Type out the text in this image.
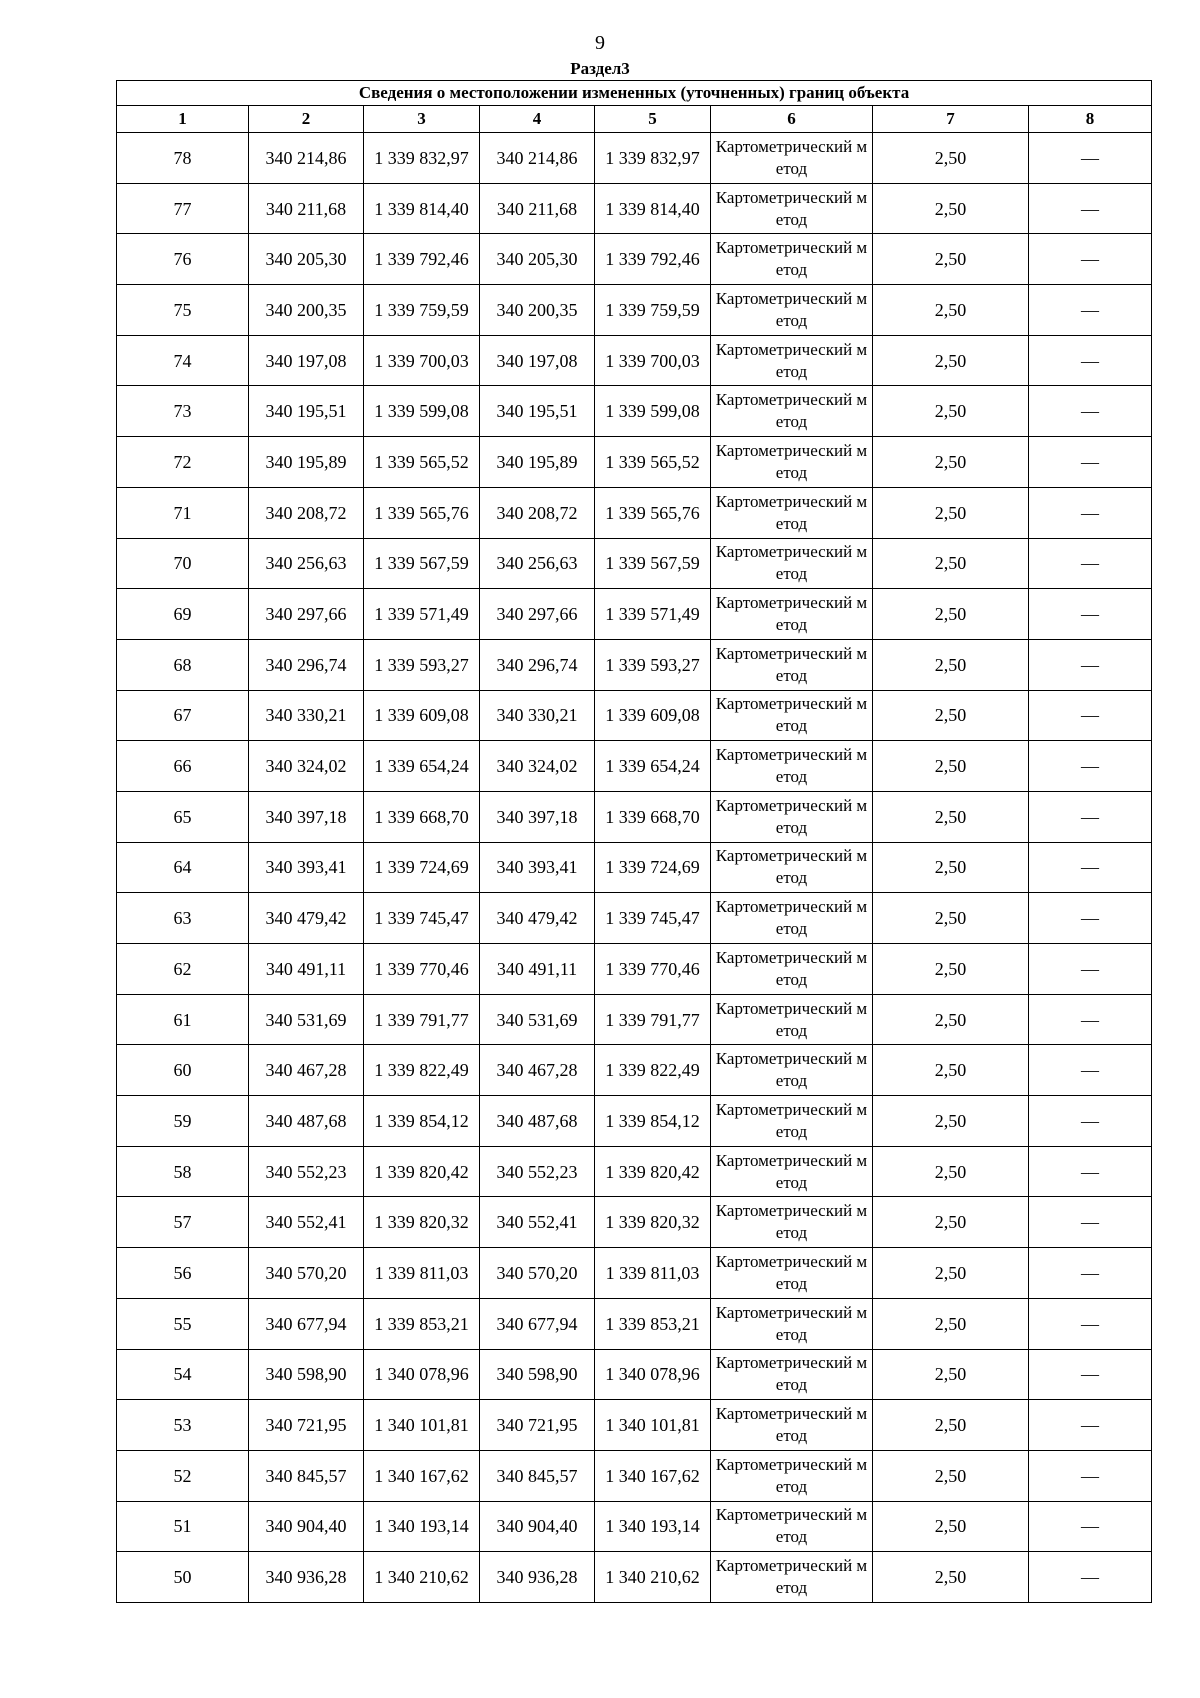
9
Раздел3
Сведения о местоположении измененных (уточненных) границ объекта							
1	2	3	4	5	6	7	8
78	340 214,86	1 339 832,97	340 214,86	1 339 832,97	Картометрический метод	2,50	—
77	340 211,68	1 339 814,40	340 211,68	1 339 814,40	Картометрический метод	2,50	—
76	340 205,30	1 339 792,46	340 205,30	1 339 792,46	Картометрический метод	2,50	—
75	340 200,35	1 339 759,59	340 200,35	1 339 759,59	Картометрический метод	2,50	—
74	340 197,08	1 339 700,03	340 197,08	1 339 700,03	Картометрический метод	2,50	—
73	340 195,51	1 339 599,08	340 195,51	1 339 599,08	Картометрический метод	2,50	—
72	340 195,89	1 339 565,52	340 195,89	1 339 565,52	Картометрический метод	2,50	—
71	340 208,72	1 339 565,76	340 208,72	1 339 565,76	Картометрический метод	2,50	—
70	340 256,63	1 339 567,59	340 256,63	1 339 567,59	Картометрический метод	2,50	—
69	340 297,66	1 339 571,49	340 297,66	1 339 571,49	Картометрический метод	2,50	—
68	340 296,74	1 339 593,27	340 296,74	1 339 593,27	Картометрический метод	2,50	—
67	340 330,21	1 339 609,08	340 330,21	1 339 609,08	Картометрический метод	2,50	—
66	340 324,02	1 339 654,24	340 324,02	1 339 654,24	Картометрический метод	2,50	—
65	340 397,18	1 339 668,70	340 397,18	1 339 668,70	Картометрический метод	2,50	—
64	340 393,41	1 339 724,69	340 393,41	1 339 724,69	Картометрический метод	2,50	—
63	340 479,42	1 339 745,47	340 479,42	1 339 745,47	Картометрический метод	2,50	—
62	340 491,11	1 339 770,46	340 491,11	1 339 770,46	Картометрический метод	2,50	—
61	340 531,69	1 339 791,77	340 531,69	1 339 791,77	Картометрический метод	2,50	—
60	340 467,28	1 339 822,49	340 467,28	1 339 822,49	Картометрический метод	2,50	—
59	340 487,68	1 339 854,12	340 487,68	1 339 854,12	Картометрический метод	2,50	—
58	340 552,23	1 339 820,42	340 552,23	1 339 820,42	Картометрический метод	2,50	—
57	340 552,41	1 339 820,32	340 552,41	1 339 820,32	Картометрический метод	2,50	—
56	340 570,20	1 339 811,03	340 570,20	1 339 811,03	Картометрический метод	2,50	—
55	340 677,94	1 339 853,21	340 677,94	1 339 853,21	Картометрический метод	2,50	—
54	340 598,90	1 340 078,96	340 598,90	1 340 078,96	Картометрический метод	2,50	—
53	340 721,95	1 340 101,81	340 721,95	1 340 101,81	Картометрический метод	2,50	—
52	340 845,57	1 340 167,62	340 845,57	1 340 167,62	Картометрический метод	2,50	—
51	340 904,40	1 340 193,14	340 904,40	1 340 193,14	Картометрический метод	2,50	—
50	340 936,28	1 340 210,62	340 936,28	1 340 210,62	Картометрический метод	2,50	—
